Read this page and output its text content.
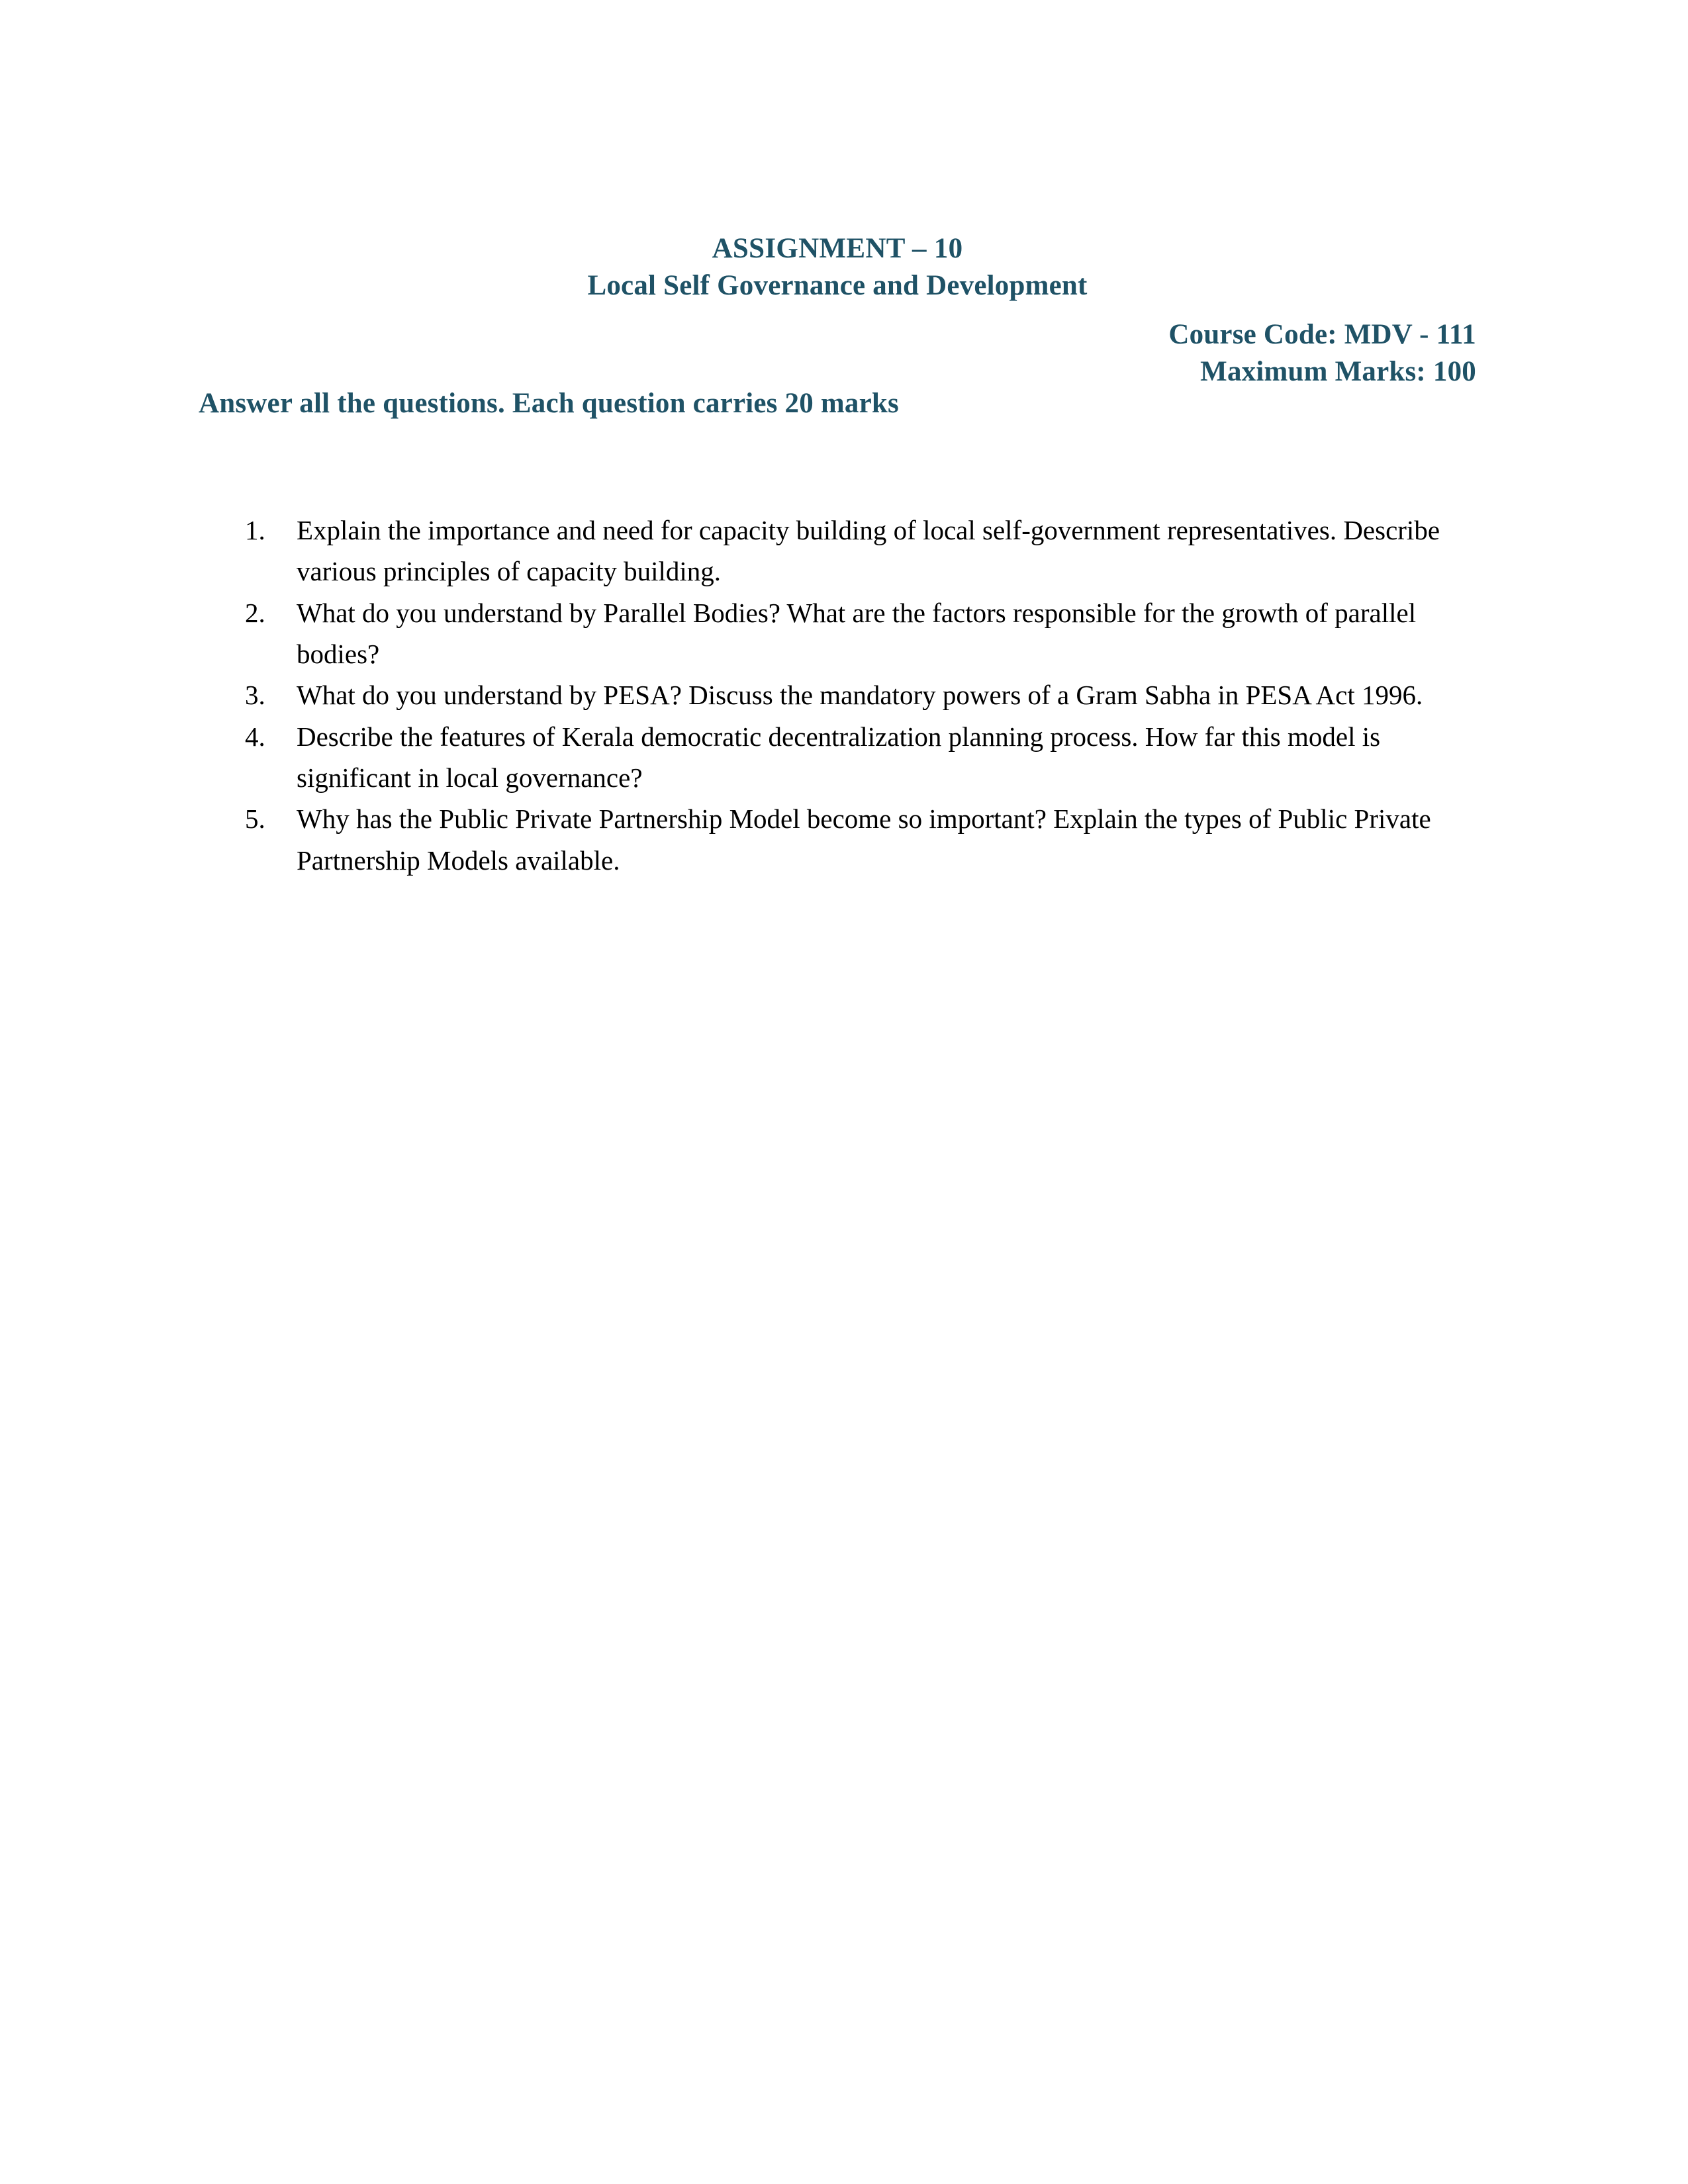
ASSIGNMENT – 10
Local Self Governance and Development
Course Code: MDV - 111
Maximum Marks: 100
Answer all the questions. Each question carries 20 marks
1.	Explain the importance and need for capacity building of local self-government representatives. Describe various principles of capacity building.
2.	What do you understand by Parallel Bodies? What are the factors responsible for the growth of parallel bodies?
3.	What do you understand by PESA? Discuss the mandatory powers of a Gram Sabha in PESA Act 1996.
4.	Describe the features of Kerala democratic decentralization planning process. How far this model is significant in local governance?
5.	Why has the Public Private Partnership Model become so important? Explain the types of Public Private Partnership Models available.
